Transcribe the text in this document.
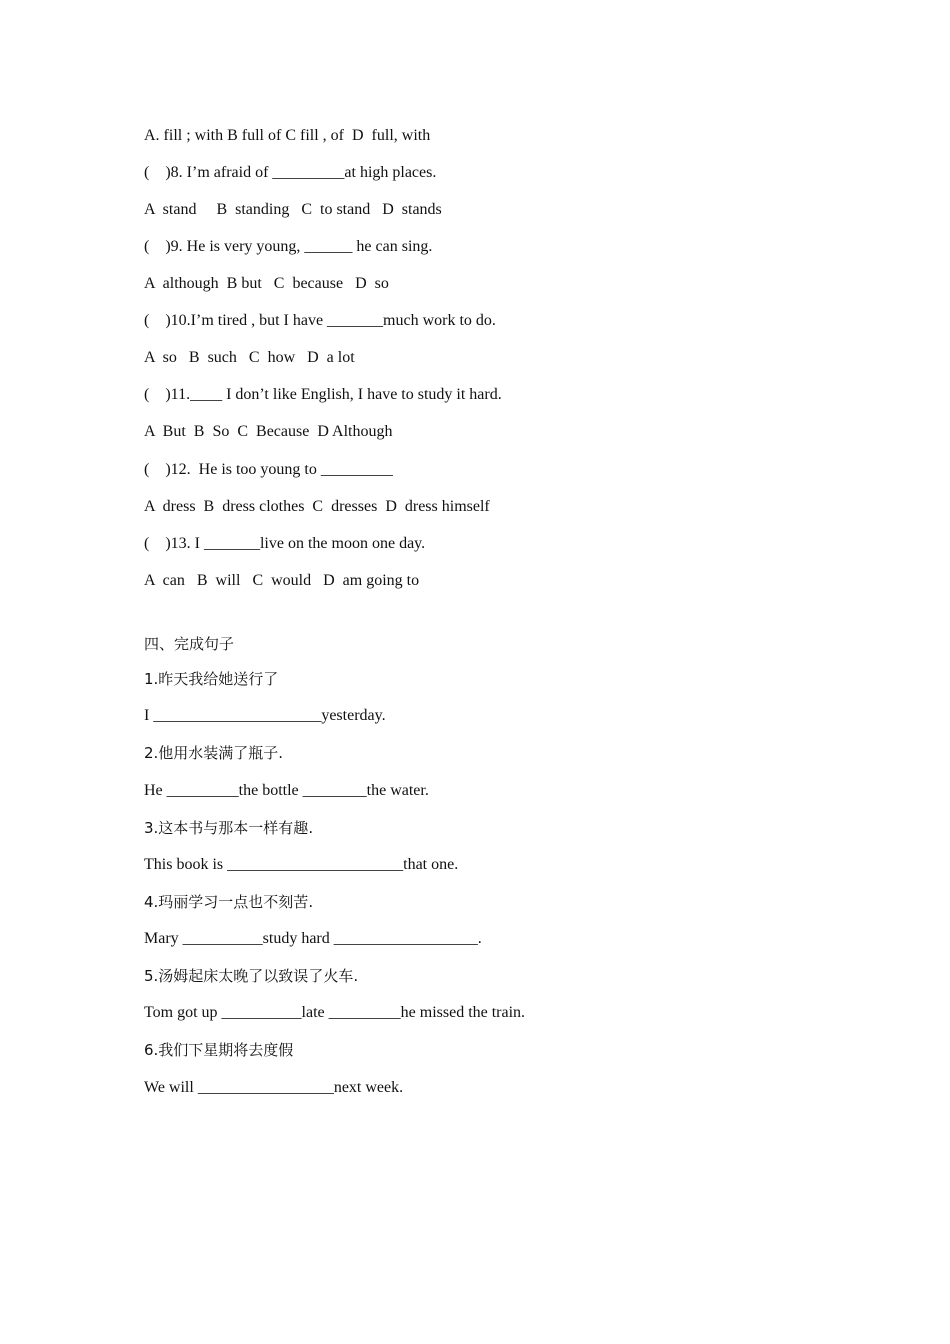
A. fill ; with B full of C fill , of  D  full, with
(    )8. I’m afraid of _________at high places.
A  stand     B  standing   C  to stand   D  stands
(    )9. He is very young, ______ he can sing.
A  although  B but   C  because   D  so
(    )10.I’m tired , but I have _______much work to do.
A  so   B  such   C  how   D  a lot
(    )11.____ I don’t like English, I have to study it hard.
A  But  B  So  C  Because  D Although
(    )12.  He is too young to _________
A  dress  B  dress clothes  C  dresses  D  dress himself
(    )13. I _______live on the moon one day.
A  can   B  will   C  would   D  am going to
四、完成句子
1.昨天我给她送行了
I _____________________yesterday.
2.他用水装满了瓶子.
He _________the bottle ________the water.
3.这本书与那本一样有趣.
This book is ______________________that one.
4.玛丽学习一点也不刻苦.
Mary __________study hard __________________.
5.汤姆起床太晚了以致误了火车.
Tom got up __________late _________he missed the train.
6.我们下星期将去度假
We will _________________next week.
